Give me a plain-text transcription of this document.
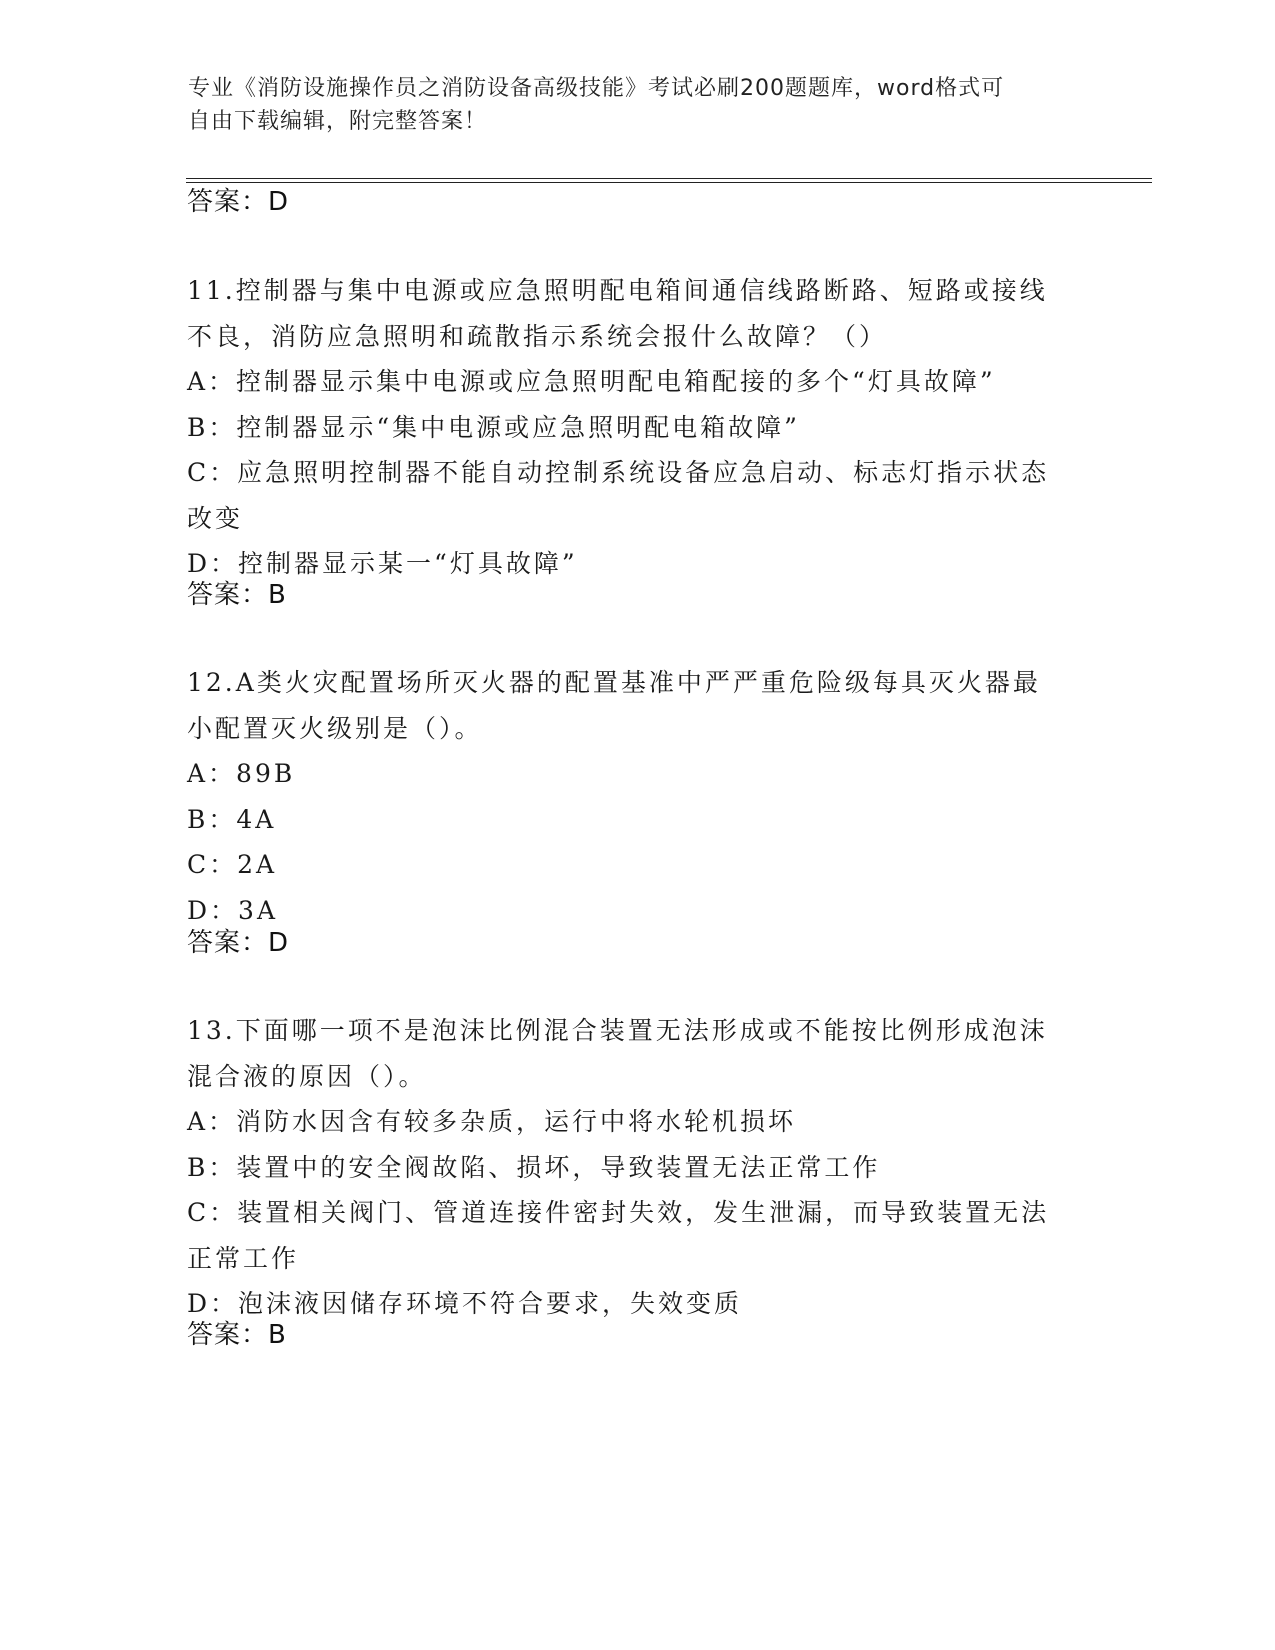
专业《消防设施操作员之消防设备高级技能》考试必刷200题题库，word格式可
自由下载编辑，附完整答案！
答案：D
11.控制器与集中电源或应急照明配电箱间通信线路断路、短路或接线
不良，消防应急照明和疏散指示系统会报什么故障？（）
A：控制器显示集中电源或应急照明配电箱配接的多个“灯具故障”
B：控制器显示“集中电源或应急照明配电箱故障”
C：应急照明控制器不能自动控制系统设备应急启动、标志灯指示状态
改变
D：控制器显示某一“灯具故障”
答案：B
12.A类火灾配置场所灭火器的配置基准中严严重危险级每具灭火器最
小配置灭火级别是（）。
A：89B
B：4A
C：2A
D：3A
答案：D
13.下面哪一项不是泡沫比例混合装置无法形成或不能按比例形成泡沫
混合液的原因（）。
A：消防水因含有较多杂质，运行中将水轮机损坏
B：装置中的安全阀故陷、损坏，导致装置无法正常工作
C：装置相关阀门、管道连接件密封失效，发生泄漏，而导致装置无法
正常工作
D：泡沫液因储存环境不符合要求，失效变质
答案：B
